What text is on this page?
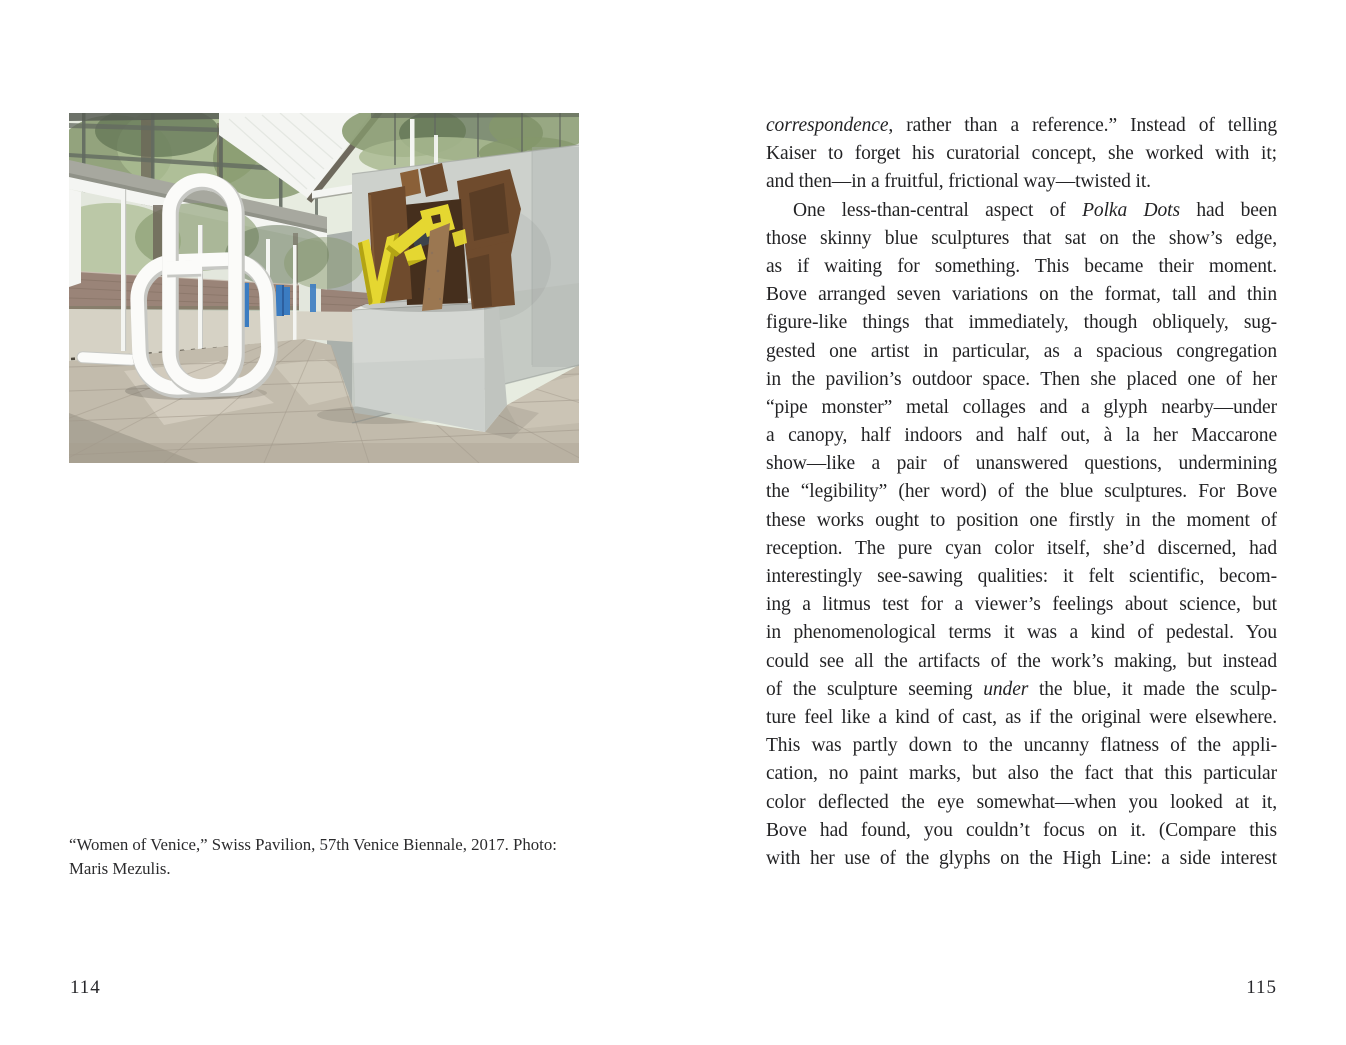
“Women of Venice,” Swiss Pavilion, 57th Venice Biennale, 2017. Photo:
Maris Mezulis.
114
correspondence, rather than a reference.” Instead of telling
Kaiser to forget his curatorial concept, she worked with it;
and then—in a fruitful, frictional way—twisted it.
One less-than-central aspect of Polka Dots had been
those skinny blue sculptures that sat on the show’s edge,
as if waiting for something. This became their moment.
Bove arranged seven variations on the format, tall and thin
figure-like things that immediately, though obliquely, sug-
gested one artist in particular, as a spacious congregation
in the pavilion’s outdoor space. Then she placed one of her
“pipe monster” metal collages and a glyph nearby—under
a canopy, half indoors and half out, à la her Maccarone
show—like a pair of unanswered questions, undermining
the “legibility” (her word) of the blue sculptures. For Bove
these works ought to position one firstly in the moment of
reception. The pure cyan color itself, she’d discerned, had
interestingly see-sawing qualities: it felt scientific, becom-
ing a litmus test for a viewer’s feelings about science, but
in phenomenological terms it was a kind of pedestal. You
could see all the artifacts of the work’s making, but instead
of the sculpture seeming under the blue, it made the sculp-
ture feel like a kind of cast, as if the original were elsewhere.
This was partly down to the uncanny flatness of the appli-
cation, no paint marks, but also the fact that this particular
color deflected the eye somewhat—when you looked at it,
Bove had found, you couldn’t focus on it. (Compare this
with her use of the glyphs on the High Line: a side interest
115
